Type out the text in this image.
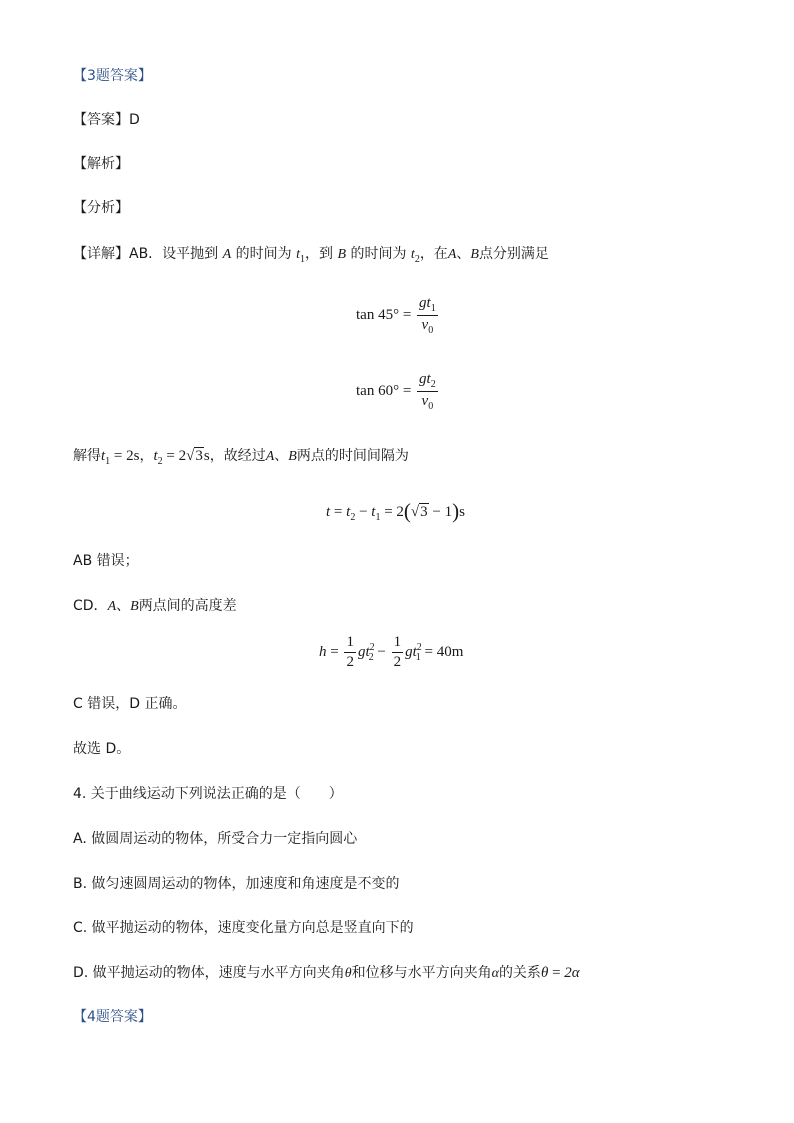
【3题答案】
【答案】D
【解析】
【分析】
【详解】AB．设平抛到 A 的时间为 $t_1$，到 B 的时间为 $t_2$，在A、B点分别满足
$\tan 45^\circ = \frac{gt_1}{v_0}$
$\tan 60^\circ = \frac{gt_2}{v_0}$
解得$t_1 = 2s$，$t_2 = 2√3s$，故经过A、B两点的时间间隔为
$t = t_2 - t_1 = 2(√3 - 1)s$
AB 错误；
CD．A、B两点间的高度差
$h = \frac{1}{2} gt^2_2 - \frac{1}{2} gt^2_1 = 40m$
C 错误，D 正确。
故选 D。
4. 关于曲线运动下列说法正确的是（　　）
A. 做圆周运动的物体，所受合力一定指向圆心
B. 做匀速圆周运动的物体，加速度和角速度是不变的
C. 做平抛运动的物体，速度变化量方向总是竖直向下的
D. 做平抛运动的物体，速度与水平方向夹角θ和位移与水平方向夹角α的关系θ = 2α
【4题答案】
